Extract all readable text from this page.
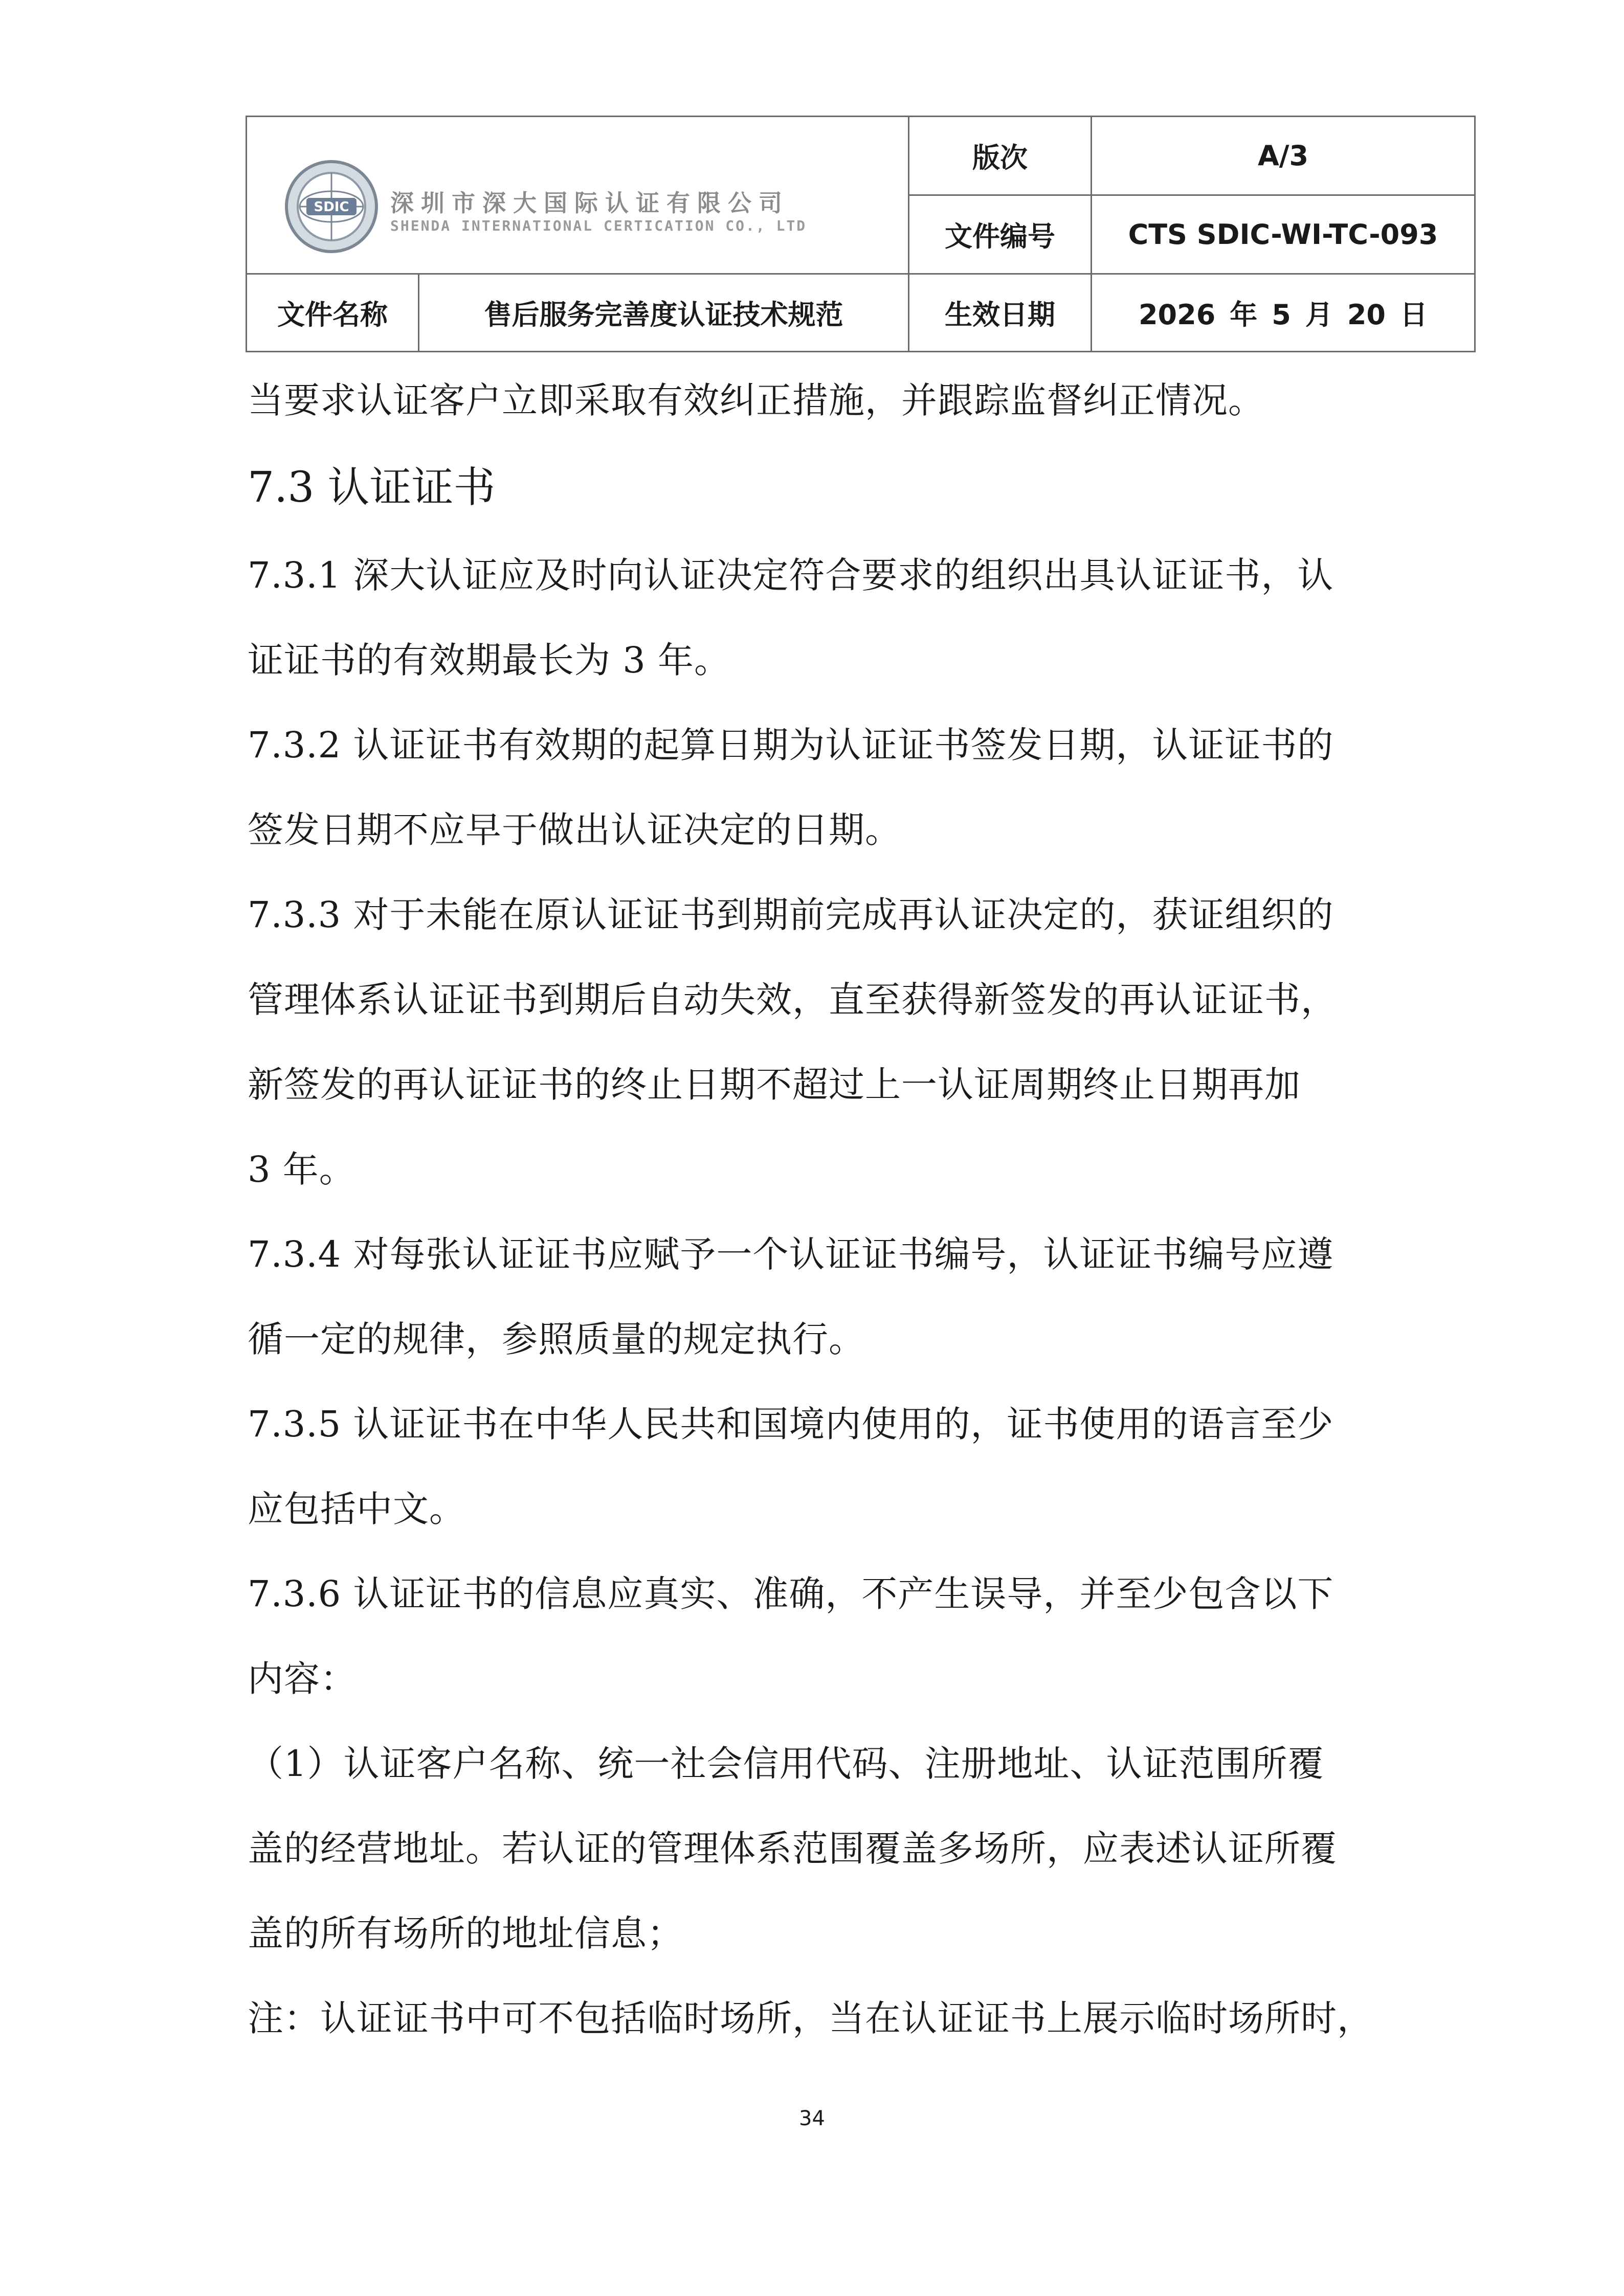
SDIC 深圳市深大国际认证有限公司
SHENDA INTERNATIONAL CERTICATION CO., LTD		版次	A/3
		文件编号	CTS SDIC-WI-TC-093
文件名称	售后服务完善度认证技术规范	生效日期	2026 年 5 月 20 日
当要求认证客户立即采取有效纠正措施，并跟踪监督纠正情况。
7.3 认证证书
7.3.1 深大认证应及时向认证决定符合要求的组织出具认证证书，认
证证书的有效期最长为 3 年。
7.3.2 认证证书有效期的起算日期为认证证书签发日期，认证证书的
签发日期不应早于做出认证决定的日期。
7.3.3 对于未能在原认证证书到期前完成再认证决定的，获证组织的
管理体系认证证书到期后自动失效，直至获得新签发的再认证证书，
新签发的再认证证书的终止日期不超过上一认证周期终止日期再加
3 年。
7.3.4 对每张认证证书应赋予一个认证证书编号，认证证书编号应遵
循一定的规律，参照质量的规定执行。
7.3.5 认证证书在中华人民共和国境内使用的，证书使用的语言至少
应包括中文。
7.3.6 认证证书的信息应真实、准确，不产生误导，并至少包含以下
内容：
（1）认证客户名称、统一社会信用代码、注册地址、认证范围所覆
盖的经营地址。若认证的管理体系范围覆盖多场所，应表述认证所覆
盖的所有场所的地址信息；
注：认证证书中可不包括临时场所，当在认证证书上展示临时场所时，
34
